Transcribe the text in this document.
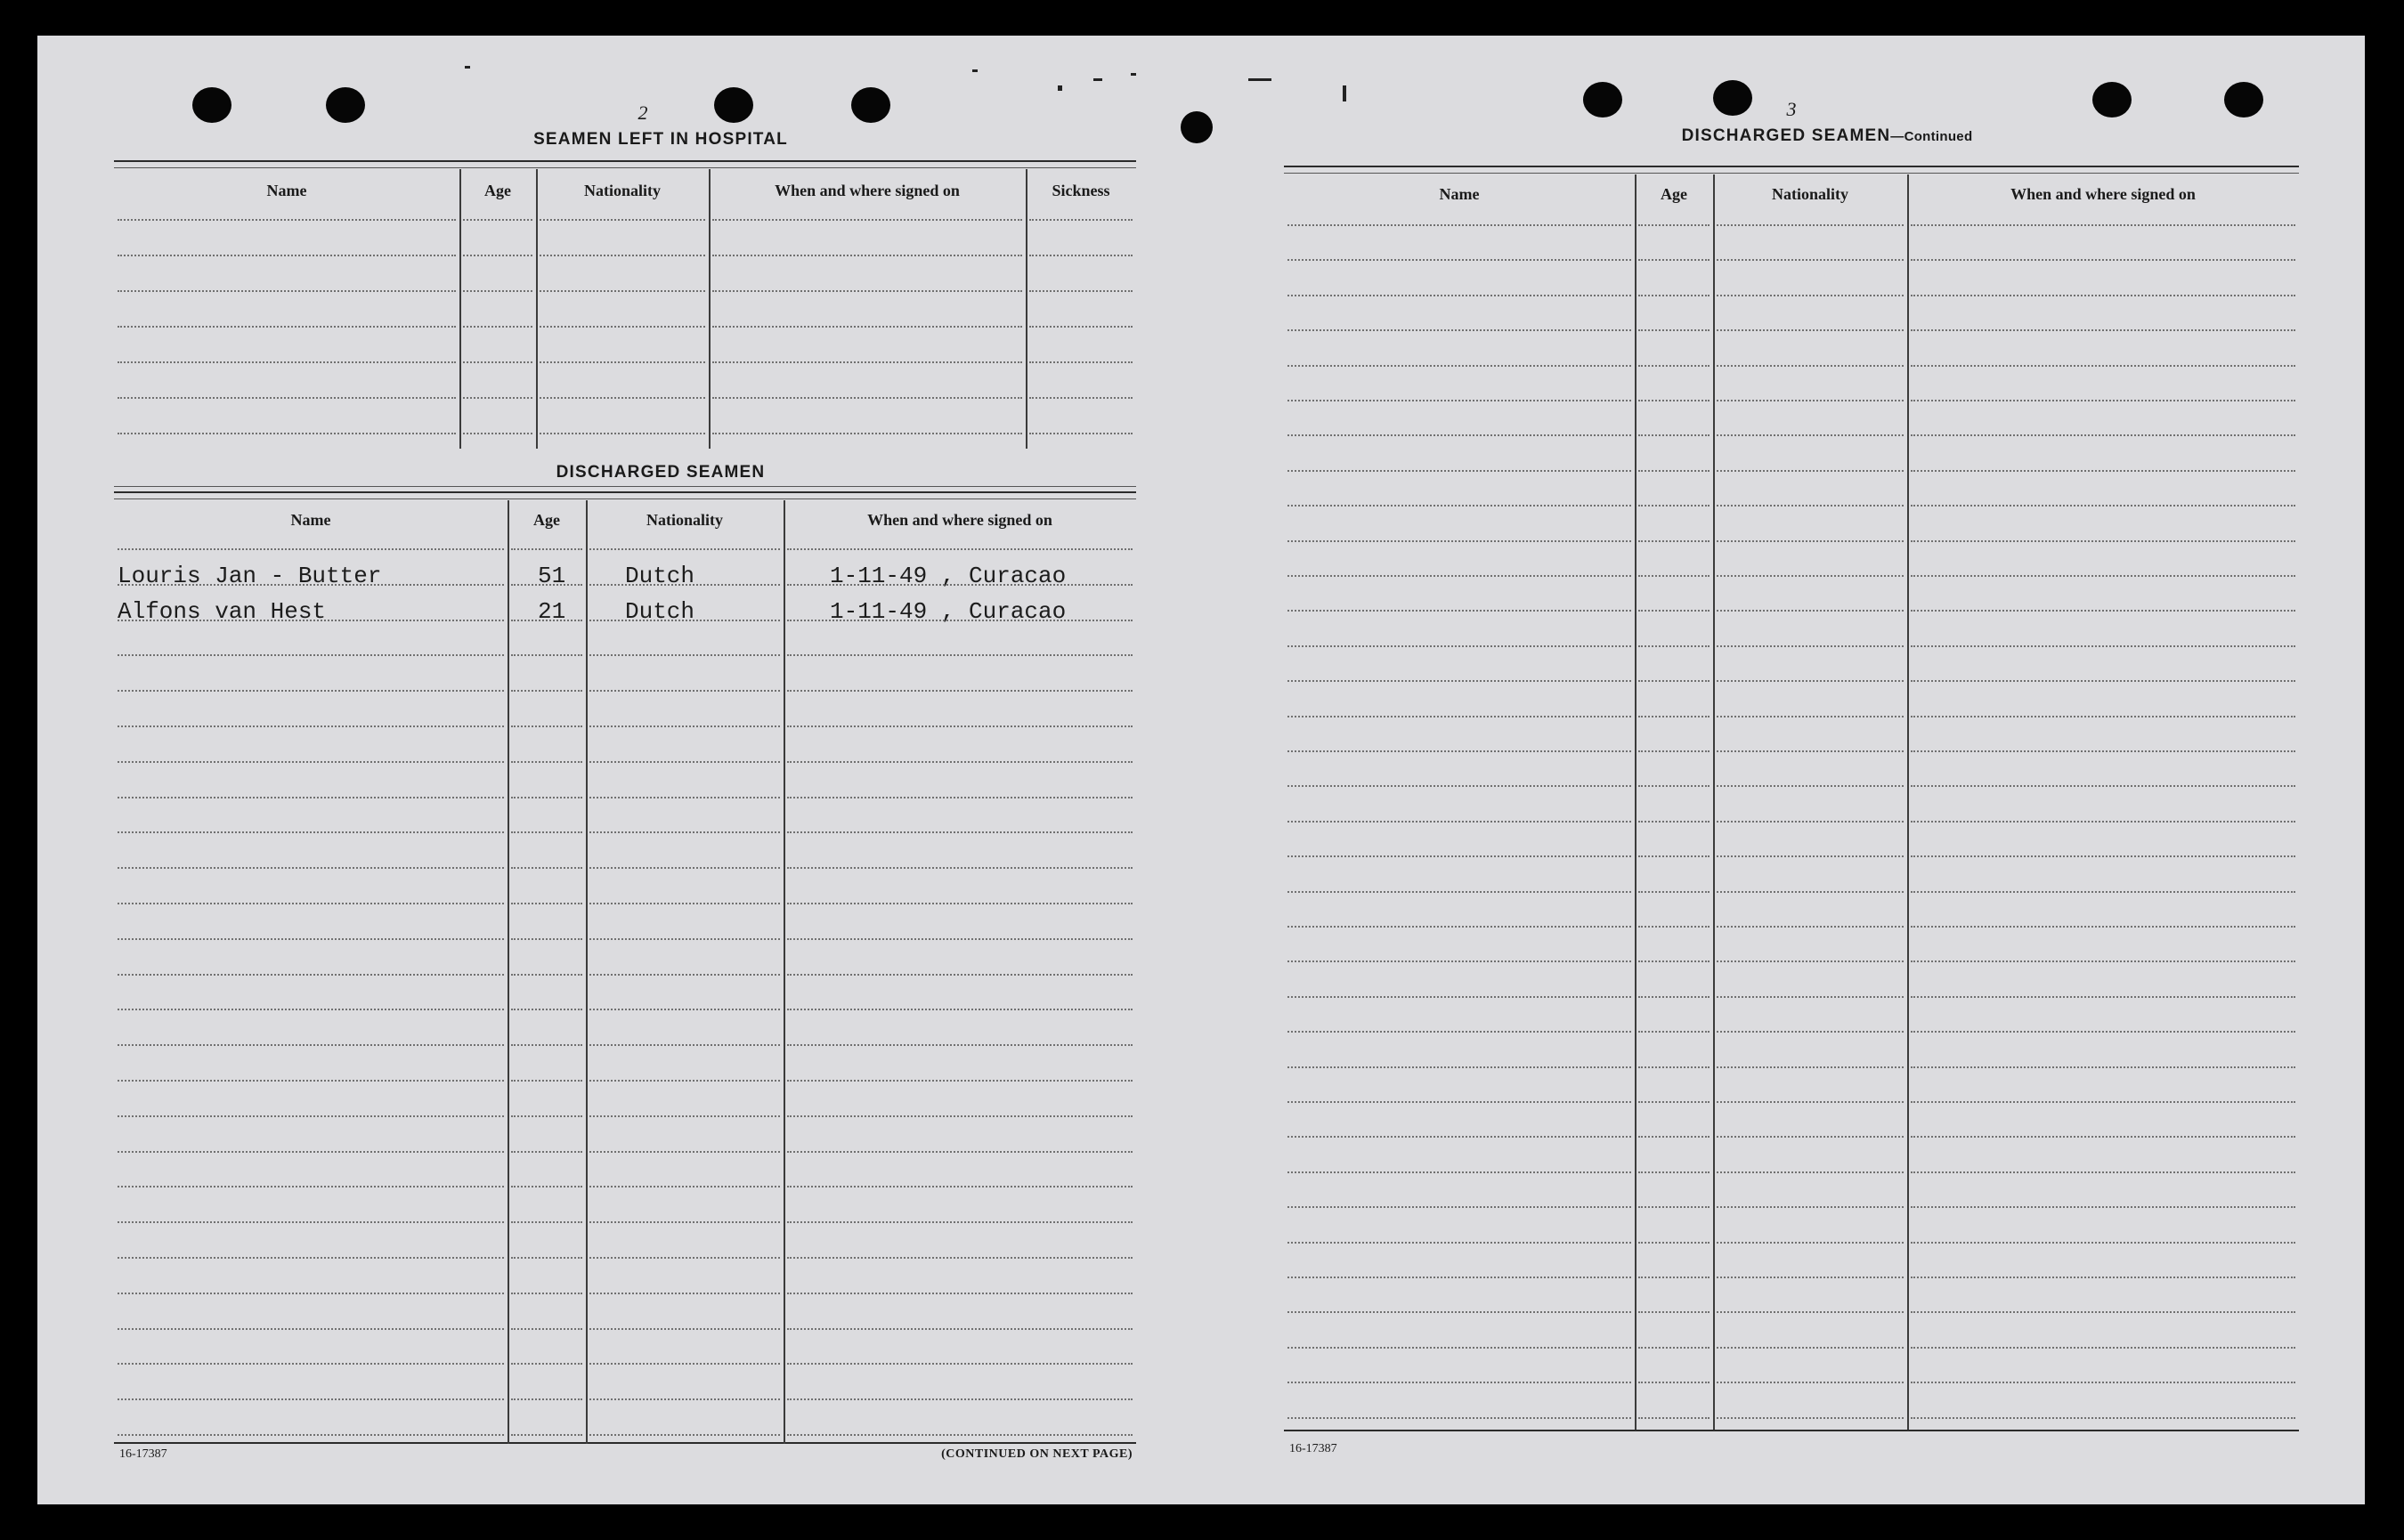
2
SEAMEN LEFT IN HOSPITAL
Name	Age	Nationality	When and where signed on	Sickness
DISCHARGED SEAMEN
Name	Age	Nationality	When and where signed on
Louris Jan - Butter	51	Dutch	1-11-49 , Curacao
Alfons van Hest	21	Dutch	1-11-49 , Curacao
16-17387	(CONTINUED ON NEXT PAGE)
3
DISCHARGED SEAMEN—Continued
Name	Age	Nationality	When and where signed on
16-17387
